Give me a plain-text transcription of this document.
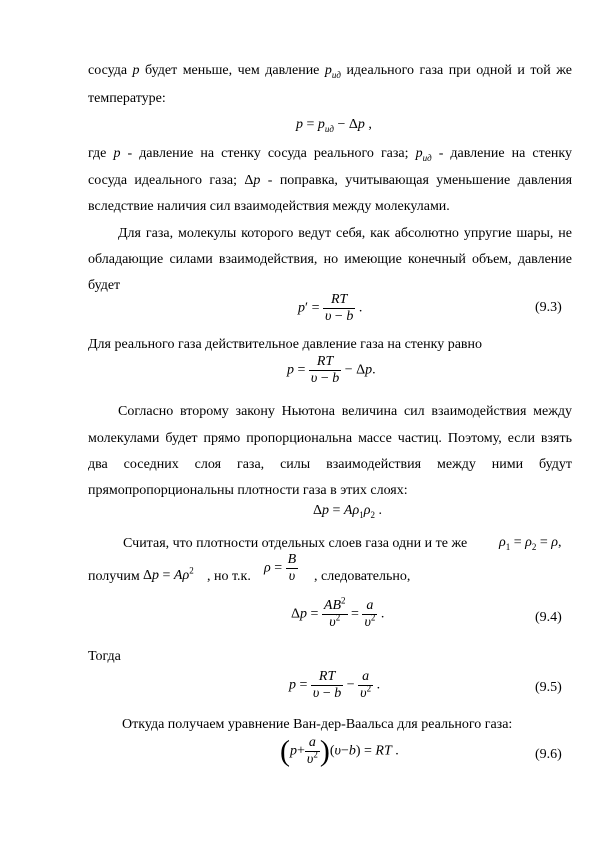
сосуда p будет меньше, чем давление $p_{ид}$ идеального газа при одной и той же
температуре:
$p = p_{ид} - \Delta p$ ,
где p - давление на стенку сосуда реального газа; $p_{ид}$ - давление на стенку
сосуда идеального газа; Δp - поправка, учитывающая уменьшение давления
вследствие наличия сил взаимодействия между молекулами.
Для газа, молекулы которого ведут себя, как абсолютно упругие шары, не
обладающие силами взаимодействия, но имеющие конечный объем, давление
будет
$p' = \frac{RT}{\upsilon - b}$ .	(9.3)
Для реального газа действительное давление газа на стенку равно
$p = \frac{RT}{\upsilon - b} - \Delta p$.
Согласно второму закону Ньютона величина сил взаимодействия между
молекулами будет прямо пропорциональна массе частиц. Поэтому, если взять
два соседних слоя газа, силы взаимодействия между ними будут
прямопропорциональны плотности газа в этих слоях:
$\Delta p = A\rho_1\rho_2$ .
Считая, что плотности отдельных слоев газа одни и те же $\rho_1 = \rho_2 = \rho$,
получим $\Delta p = A\rho^2$ , но т.к.
$\rho = \frac{B}{\upsilon}$ , следовательно,
$\Delta p = \frac{AB^2}{\upsilon^2} = \frac{a}{\upsilon^2}$ .	(9.4)
Тогда
$p = \frac{RT}{\upsilon - b} - \frac{a}{\upsilon^2}$ .	(9.5)
Откуда получаем уравнение Ван-дер-Ваальса для реального газа:
$(p+ \frac{a}{\upsilon^2} )(\upsilon-b)$ = RT .	(9.6)
